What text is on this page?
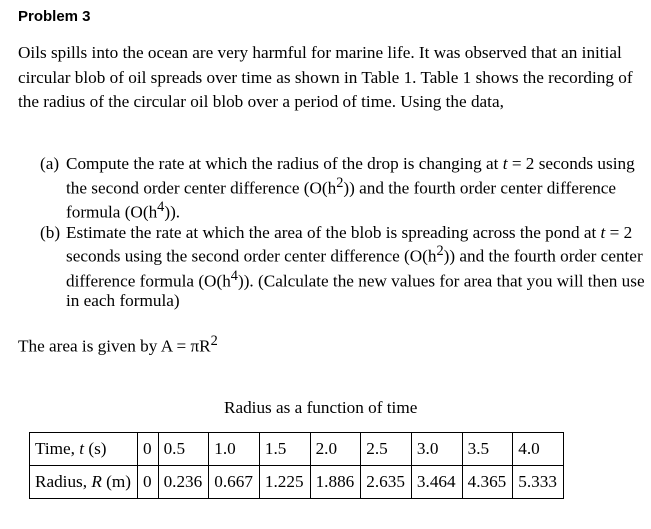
Problem 3

Oils spills into the ocean are very harmful for marine life. It was observed that an initial circular blob of oil spreads over time as shown in Table 1. Table 1 shows the recording of the radius of the circular oil blob over a period of time. Using the data,

(a) Compute the rate at which the radius of the drop is changing at t = 2 seconds using the second order center difference $(O(h^2))$ and the fourth order center difference formula $(O(h^4))$.
(b) Estimate the rate at which the area of the blob is spreading across the pond at t = 2 seconds using the second order center difference $(O(h^2))$ and the fourth order center difference formula $(O(h^4))$. (Calculate the new values for area that you will then use in each formula)
The area is given by $A = \pi R^2$
Radius as a function of time
Time, t (s)	0	0.5	1.0	1.5	2.0	2.5	3.0	3.5	4.0
Radius, R (m)	0	0.236	0.667	1.225	1.886	2.635	3.464	4.365	5.333
